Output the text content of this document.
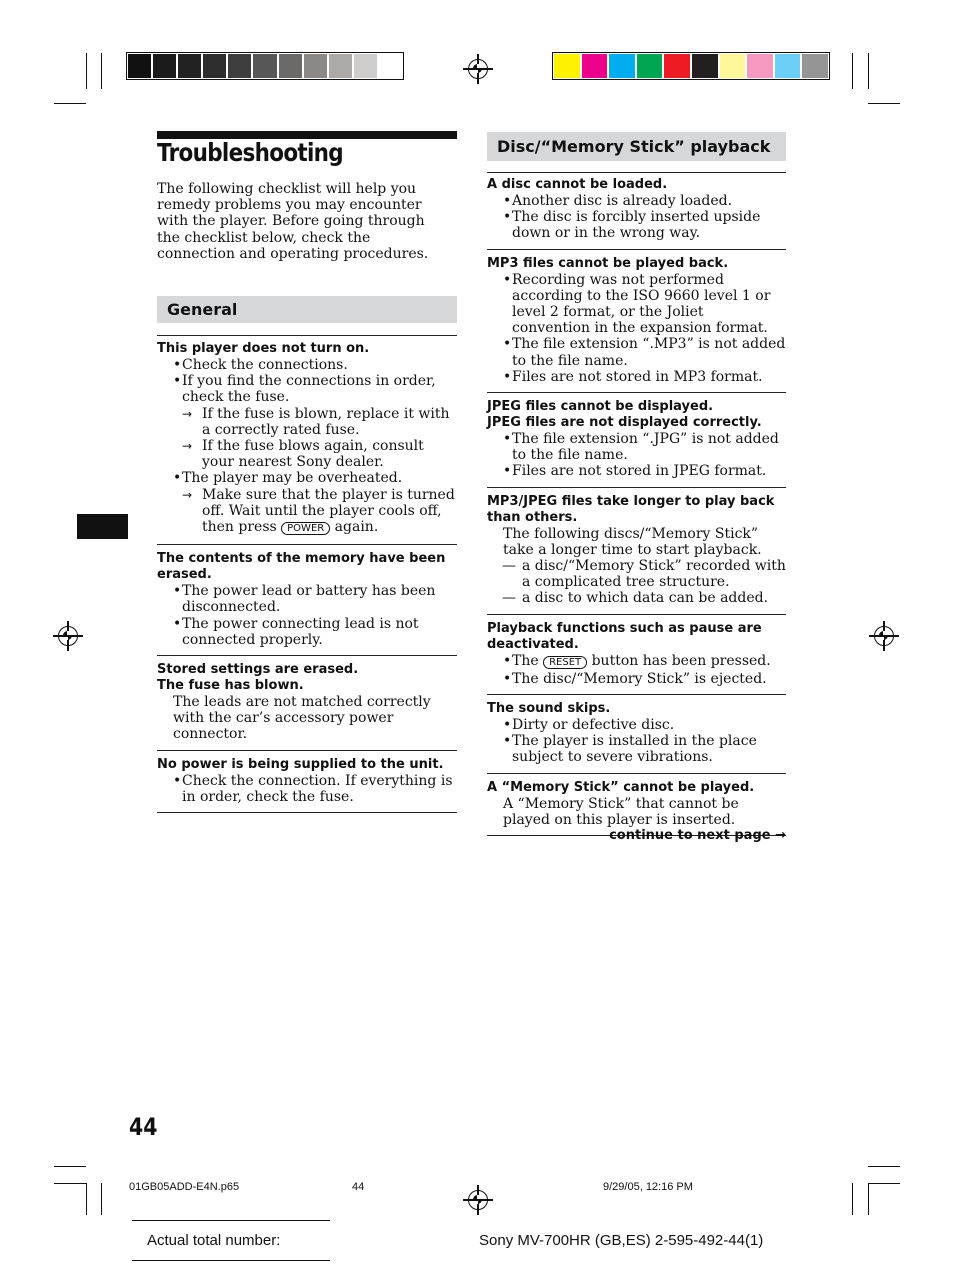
Troubleshooting
The following checklist will help you remedy problems you may encounter with the player. Before going through the checklist below, check the connection and operating procedures.
General
This player does not turn on.
• Check the connections.
• If you find the connections in order, check the fuse.
→ If the fuse is blown, replace it with a correctly rated fuse.
→ If the fuse blows again, consult your nearest Sony dealer.
• The player may be overheated.
→ Make sure that the player is turned off. Wait until the player cools off, then press POWER again.
The contents of the memory have been erased.
• The power lead or battery has been disconnected.
• The power connecting lead is not connected properly.
Stored settings are erased.
The fuse has blown.
The leads are not matched correctly with the car’s accessory power connector.
No power is being supplied to the unit.
• Check the connection. If everything is in order, check the fuse.
Disc/“Memory Stick” playback
A disc cannot be loaded.
• Another disc is already loaded.
• The disc is forcibly inserted upside down or in the wrong way.
MP3 files cannot be played back.
• Recording was not performed according to the ISO 9660 level 1 or level 2 format, or the Joliet convention in the expansion format.
• The file extension “.MP3” is not added to the file name.
• Files are not stored in MP3 format.
JPEG files cannot be displayed.
JPEG files are not displayed correctly.
• The file extension “.JPG” is not added to the file name.
• Files are not stored in JPEG format.
MP3/JPEG files take longer to play back than others.
The following discs/“Memory Stick” take a longer time to start playback.
— a disc/“Memory Stick” recorded with a complicated tree structure.
— a disc to which data can be added.
Playback functions such as pause are deactivated.
• The RESET button has been pressed.
• The disc/“Memory Stick” is ejected.
The sound skips.
• Dirty or defective disc.
• The player is installed in the place subject to severe vibrations.
A “Memory Stick” cannot be played.
A “Memory Stick” that cannot be played on this player is inserted.
continue to next page →
44
01GB05ADD-E4N.p65	44	9/29/05, 12:16 PM
Actual total number:	Sony MV-700HR (GB,ES) 2-595-492-44(1)
